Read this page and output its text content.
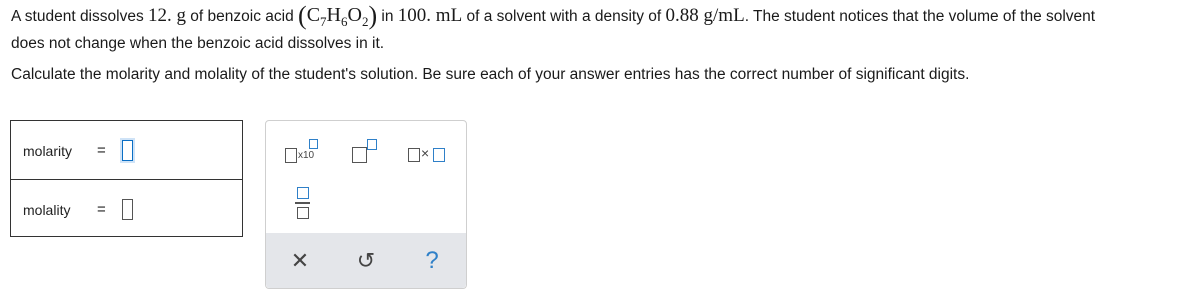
A student dissolves 12. g of benzoic acid $(C_7H_6O_2)$ in 100. mL of a solvent with a density of 0.88 g/mL. The student notices that the volume of the solvent
does not change when the benzoic acid dissolves in it.
Calculate the molarity and molality of the student's solution. Be sure each of your answer entries has the correct number of significant digits.
molarity =
molality =
x10	×
✕	↺	?
